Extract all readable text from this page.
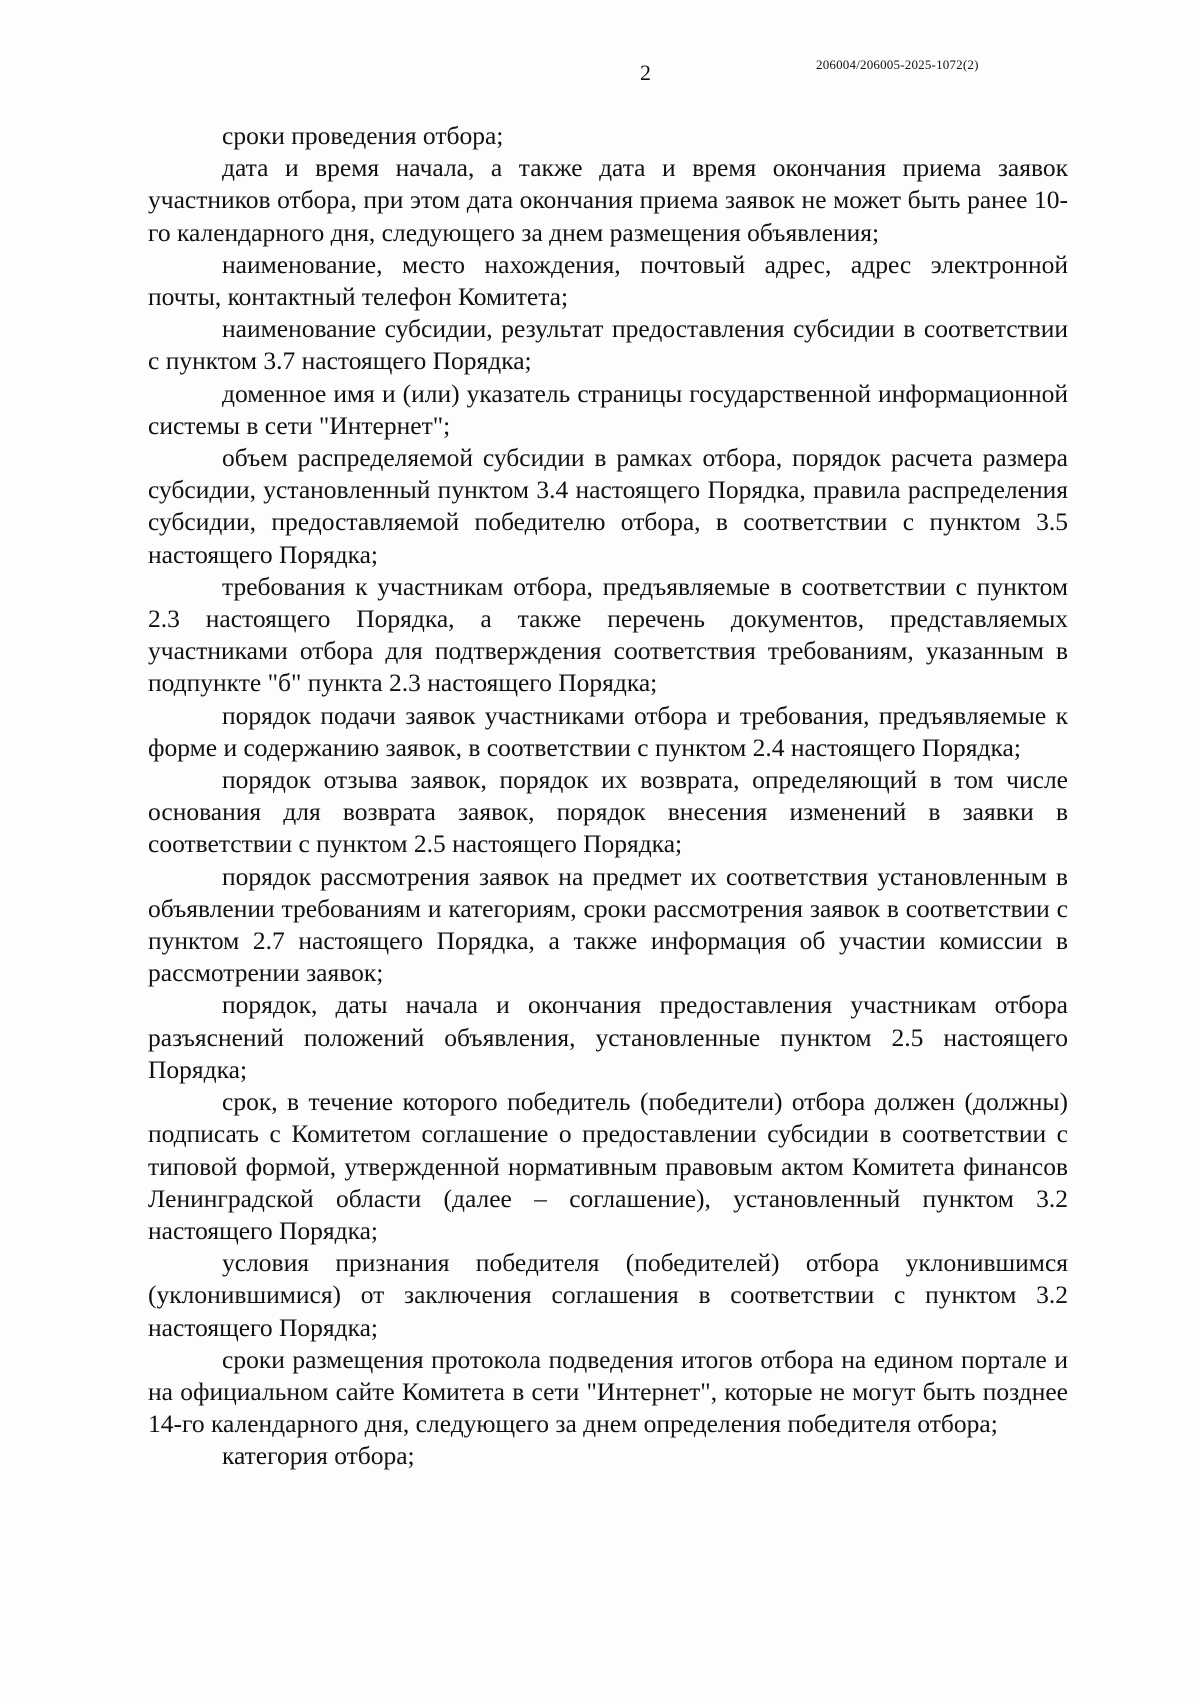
2	206004/206005-2025-1072(2)

сроки проведения отбора;

дата и время начала, а также дата и время окончания приема заявок участников отбора, при этом дата окончания приема заявок не может быть ранее 10-го календарного дня, следующего за днем размещения объявления;

наименование, место нахождения, почтовый адрес, адрес электронной почты, контактный телефон Комитета;

наименование субсидии, результат предоставления субсидии в соответствии с пунктом 3.7 настоящего Порядка;

доменное имя и (или) указатель страницы государственной информационной системы в сети "Интернет";

объем распределяемой субсидии в рамках отбора, порядок расчета размера субсидии, установленный пунктом 3.4 настоящего Порядка, правила распределения субсидии, предоставляемой победителю отбора, в соответствии с пунктом 3.5 настоящего Порядка;

требования к участникам отбора, предъявляемые в соответствии с пунктом 2.3 настоящего Порядка, а также перечень документов, представляемых участниками отбора для подтверждения соответствия требованиям, указанным в подпункте "б" пункта 2.3 настоящего Порядка;

порядок подачи заявок участниками отбора и требования, предъявляемые к форме и содержанию заявок, в соответствии с пунктом 2.4 настоящего Порядка;

порядок отзыва заявок, порядок их возврата, определяющий в том числе основания для возврата заявок, порядок внесения изменений в заявки в соответствии с пунктом 2.5 настоящего Порядка;

порядок рассмотрения заявок на предмет их соответствия установленным в объявлении требованиям и категориям, сроки рассмотрения заявок в соответствии с пунктом 2.7 настоящего Порядка, а также информация об участии комиссии в рассмотрении заявок;

порядок, даты начала и окончания предоставления участникам отбора разъяснений положений объявления, установленные пунктом 2.5 настоящего Порядка;

срок, в течение которого победитель (победители) отбора должен (должны) подписать с Комитетом соглашение о предоставлении субсидии в соответствии с типовой формой, утвержденной нормативным правовым актом Комитета финансов Ленинградской области (далее – соглашение), установленный пунктом 3.2 настоящего Порядка;

условия признания победителя (победителей) отбора уклонившимся (уклонившимися) от заключения соглашения в соответствии с пунктом 3.2 настоящего Порядка;

сроки размещения протокола подведения итогов отбора на едином портале и на официальном сайте Комитета в сети "Интернет", которые не могут быть позднее 14-го календарного дня, следующего за днем определения победителя отбора;

категория отбора;
